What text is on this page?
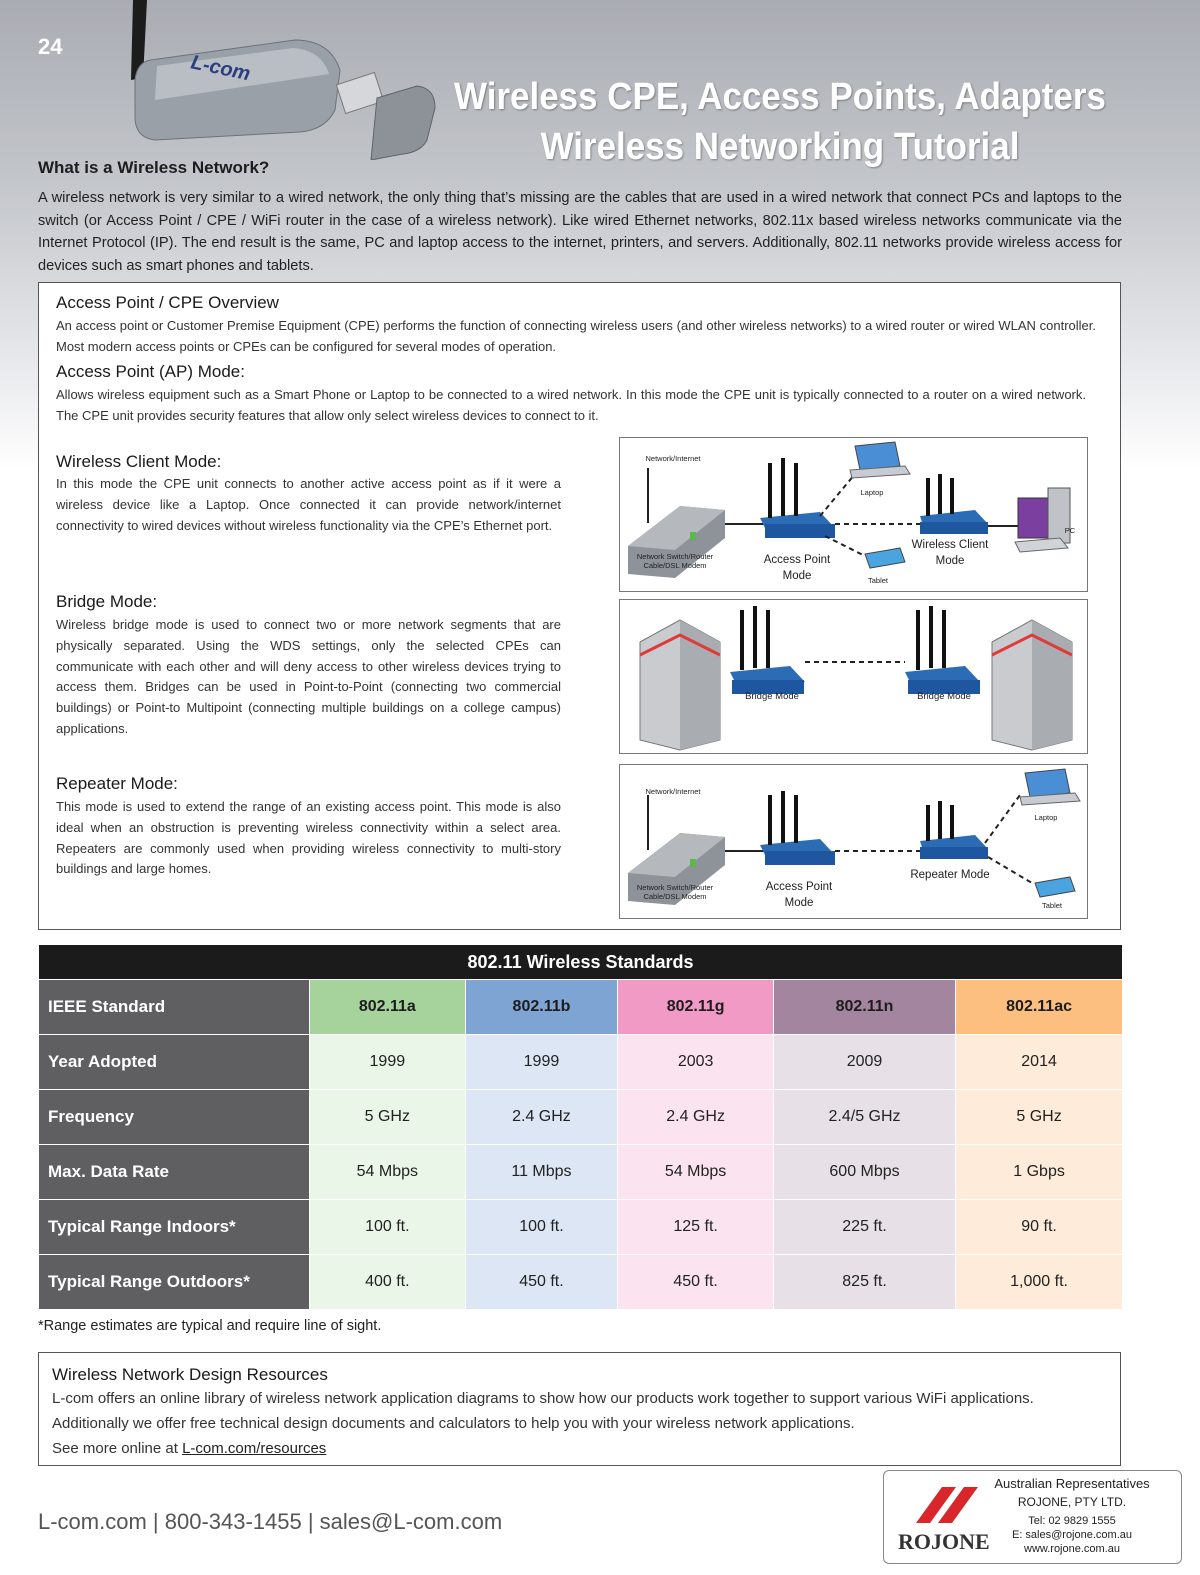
24
L-com
Wireless CPE, Access Points, Adapters
Wireless Networking Tutorial
What is a Wireless Network?
A wireless network is very similar to a wired network, the only thing that’s missing are the cables that are used in a wired network that connect PCs and laptops to the switch (or Access Point / CPE / WiFi router in the case of a wireless network). Like wired Ethernet networks, 802.11x based wireless networks communicate via the Internet Protocol (IP). The end result is the same, PC and laptop access to the internet, printers, and servers. Additionally, 802.11 networks provide wireless access for devices such as smart phones and tablets.
Access Point / CPE Overview
An access point or Customer Premise Equipment (CPE) performs the function of connecting wireless users (and other wireless networks) to a wired router or wired WLAN controller. Most modern access points or CPEs can be configured for several modes of operation.
Access Point (AP) Mode:
Allows wireless equipment such as a Smart Phone or Laptop to be connected to a wired network. In this mode the CPE unit is typically connected to a router on a wired network. The CPE unit provides security features that allow only select wireless devices to connect to it.
Wireless Client Mode:
In this mode the CPE unit connects to another active access point as if it were a wireless device like a Laptop. Once connected it can provide network/internet connectivity to wired devices without wireless functionality via the CPE’s Ethernet port.
Bridge Mode:
Wireless bridge mode is used to connect two or more network segments that are physically separated. Using the WDS settings, only the selected CPEs can communicate with each other and will deny access to other wireless devices trying to access them. Bridges can be used in Point-to-Point (connecting two commercial buildings) or Point-to Multipoint (connecting multiple buildings on a college campus) applications.
Repeater Mode:
This mode is used to extend the range of an existing access point. This mode is also ideal when an obstruction is preventing wireless connectivity within a select area. Repeaters are commonly used when providing wireless connectivity to multi-story buildings and large homes.
Network/Internet
Network Switch/Router Cable/DSL Modem	Access Point Mode
Laptop
Tablet
Wireless Client Mode
PC
Bridge Mode	Bridge Mode
Network/Internet
Network Switch/Router Cable/DSL Modem
Access Point Mode
Repeater Mode
Laptop
Tablet
802.11 Wireless Standards					
IEEE Standard	802.11a	802.11b	802.11g	802.11n	802.11ac
Year Adopted	1999	1999	2003	2009	2014
Frequency	5 GHz	2.4 GHz	2.4 GHz	2.4/5 GHz	5 GHz
Max. Data Rate	54 Mbps	11 Mbps	54 Mbps	600 Mbps	1 Gbps
Typical Range Indoors*	100 ft.	100 ft.	125 ft.	225 ft.	90 ft.
Typical Range Outdoors*	400 ft.	450 ft.	450 ft.	825 ft.	1,000 ft.
*Range estimates are typical and require line of sight.
Wireless Network Design Resources
L-com offers an online library of wireless network application diagrams to show how our products work together to support various WiFi applications.
Additionally we offer free technical design documents and calculators to help you with your wireless network applications.
See more online at L-com.com/resources
L-com.com | 800-343-1455 | sales@L-com.com
ROJONE
Australian Representatives
ROJONE, PTY LTD.
Tel: 02 9829 1555
E: sales@rojone.com.au
www.rojone.com.au
